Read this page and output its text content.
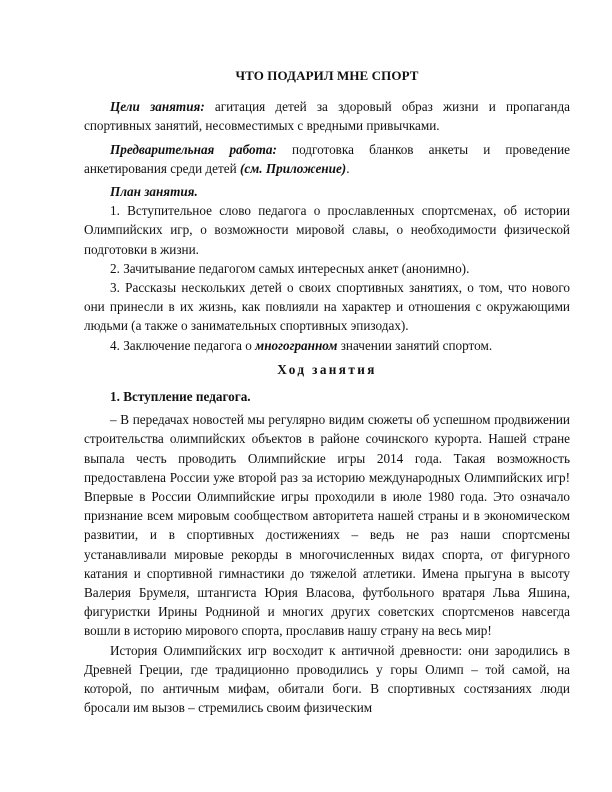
ЧТО ПОДАРИЛ МНЕ СПОРТ

Цели занятия: агитация детей за здоровый образ жизни и пропаганда спортивных занятий, несовместимых с вредными привычками.

Предварительная работа: подготовка бланков анкеты и проведение анкетирования среди детей (см. Приложение).

План занятия.

1. Вступительное слово педагога о прославленных спортсменах, об истории Олимпийских игр, о возможности мировой славы, о необходимости физической подготовки в жизни.

2. Зачитывание педагогом самых интересных анкет (анонимно).

3. Рассказы нескольких детей о своих спортивных занятиях, о том, что нового они принесли в их жизнь, как повлияли на характер и отношения с окружающими людьми (а также о занимательных спортивных эпизодах).

4. Заключение педагога о многогранном значении занятий спортом.

Ход занятия

1. Вступление педагога.

– В передачах новостей мы регулярно видим сюжеты об успешном продвижении строительства олимпийских объектов в районе сочинского курорта. Нашей стране выпала честь проводить Олимпийские игры 2014 года. Такая возможность предоставлена России уже второй раз за историю международных Олимпийских игр! Впервые в России Олимпийские игры проходили в июле 1980 года. Это означало признание всем мировым сообществом авторитета нашей страны и в экономическом развитии, и в спортивных достижениях – ведь не раз наши спортсмены устанавливали мировые рекорды в многочисленных видах спорта, от фигурного катания и спортивной гимнастики до тяжелой атлетики. Имена прыгуна в высоту Валерия Брумеля, штангиста Юрия Власова, футбольного вратаря Льва Яшина, фигуристки Ирины Родниной и многих других советских спортсменов навсегда вошли в историю мирового спорта, прославив нашу страну на весь мир!

История Олимпийских игр восходит к античной древности: они зародились в Древней Греции, где традиционно проводились у горы Олимп – той самой, на которой, по античным мифам, обитали боги. В спортивных состязаниях люди бросали им вызов – стремились своим физическим
